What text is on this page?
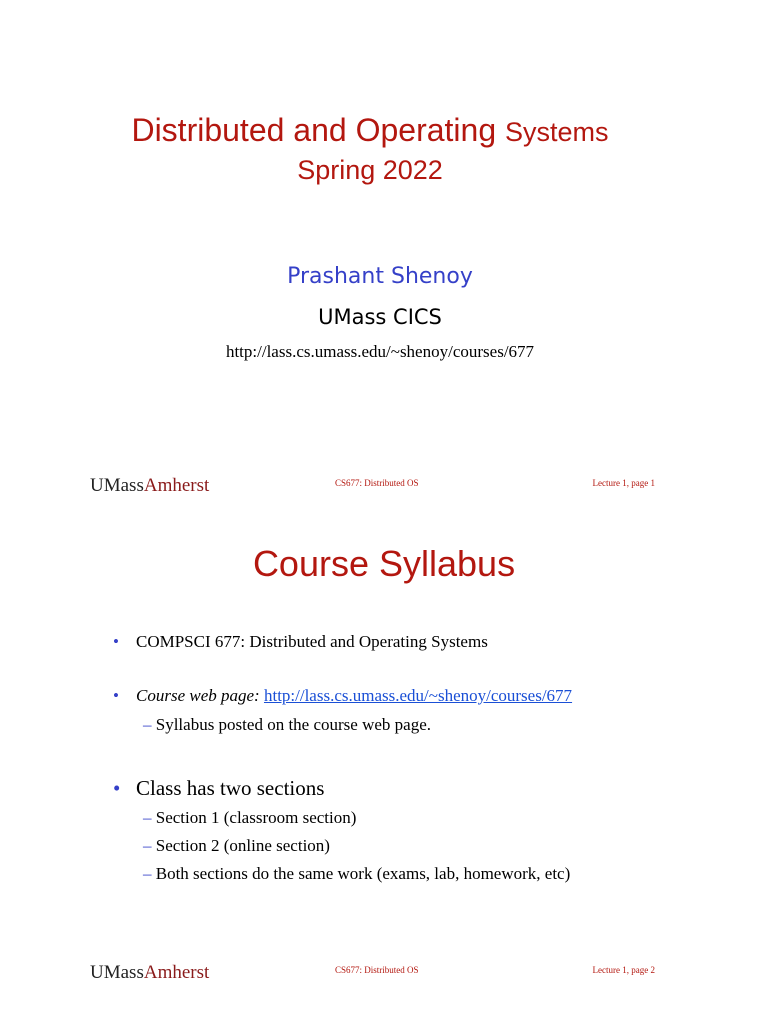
Distributed and Operating Systems
Spring 2022
Prashant Shenoy
UMass CICS
http://lass.cs.umass.edu/~shenoy/courses/677
UMassAmherst	CS677: Distributed OS	Lecture 1, page 1
Course Syllabus
• COMPSCI 677: Distributed and Operating Systems
• Course web page: http://lass.cs.umass.edu/~shenoy/courses/677
– Syllabus posted on the course web page.
• Class has two sections
– Section 1 (classroom section)
– Section 2 (online section)
– Both sections do the same work (exams, lab, homework, etc)
UMassAmherst	CS677: Distributed OS	Lecture 1, page 2
